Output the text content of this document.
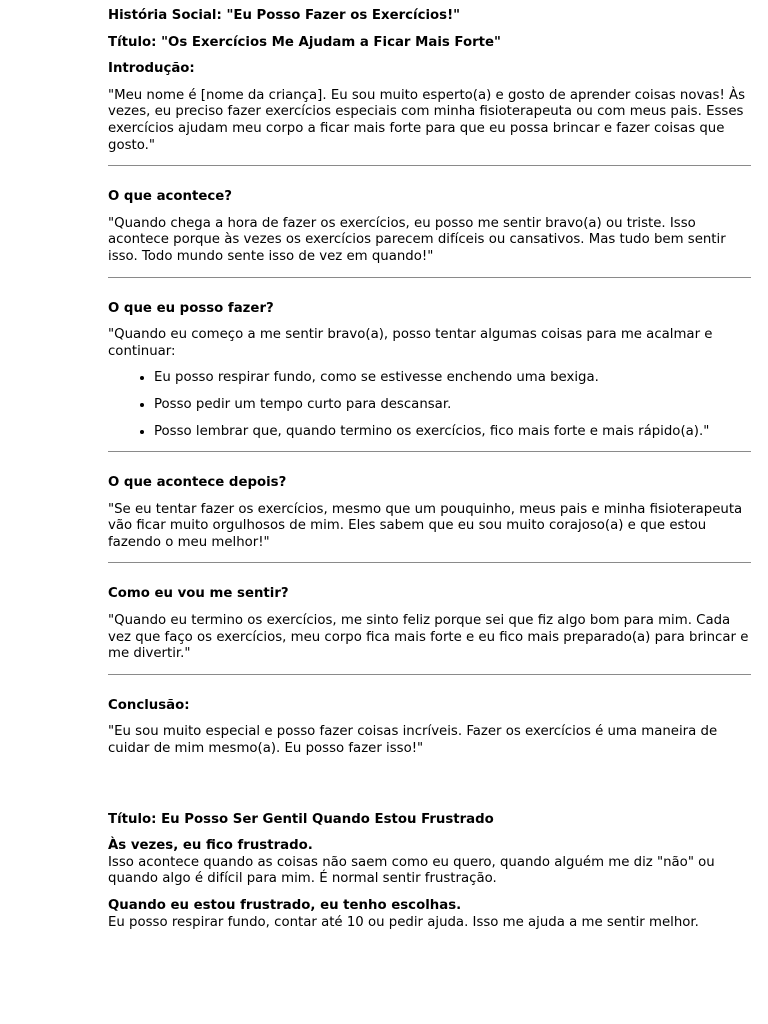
História Social: "Eu Posso Fazer os Exercícios!"

Título: "Os Exercícios Me Ajudam a Ficar Mais Forte"

Introdução:

"Meu nome é [nome da criança]. Eu sou muito esperto(a) e gosto de aprender coisas novas! Às vezes, eu preciso fazer exercícios especiais com minha fisioterapeuta ou com meus pais. Esses exercícios ajudam meu corpo a ficar mais forte para que eu possa brincar e fazer coisas que gosto."

O que acontece?

"Quando chega a hora de fazer os exercícios, eu posso me sentir bravo(a) ou triste. Isso acontece porque às vezes os exercícios parecem difíceis ou cansativos. Mas tudo bem sentir isso. Todo mundo sente isso de vez em quando!"

O que eu posso fazer?

"Quando eu começo a me sentir bravo(a), posso tentar algumas coisas para me acalmar e continuar:

• Eu posso respirar fundo, como se estivesse enchendo uma bexiga.
• Posso pedir um tempo curto para descansar.
• Posso lembrar que, quando termino os exercícios, fico mais forte e mais rápido(a)."

O que acontece depois?

"Se eu tentar fazer os exercícios, mesmo que um pouquinho, meus pais e minha fisioterapeuta vão ficar muito orgulhosos de mim. Eles sabem que eu sou muito corajoso(a) e que estou fazendo o meu melhor!"

Como eu vou me sentir?

"Quando eu termino os exercícios, me sinto feliz porque sei que fiz algo bom para mim. Cada vez que faço os exercícios, meu corpo fica mais forte e eu fico mais preparado(a) para brincar e me divertir."

Conclusão:

"Eu sou muito especial e posso fazer coisas incríveis. Fazer os exercícios é uma maneira de cuidar de mim mesmo(a). Eu posso fazer isso!"

Título: Eu Posso Ser Gentil Quando Estou Frustrado

Às vezes, eu fico frustrado.

Isso acontece quando as coisas não saem como eu quero, quando alguém me diz "não" ou quando algo é difícil para mim. É normal sentir frustração.

Quando eu estou frustrado, eu tenho escolhas.

Eu posso respirar fundo, contar até 10 ou pedir ajuda. Isso me ajuda a me sentir melhor.
